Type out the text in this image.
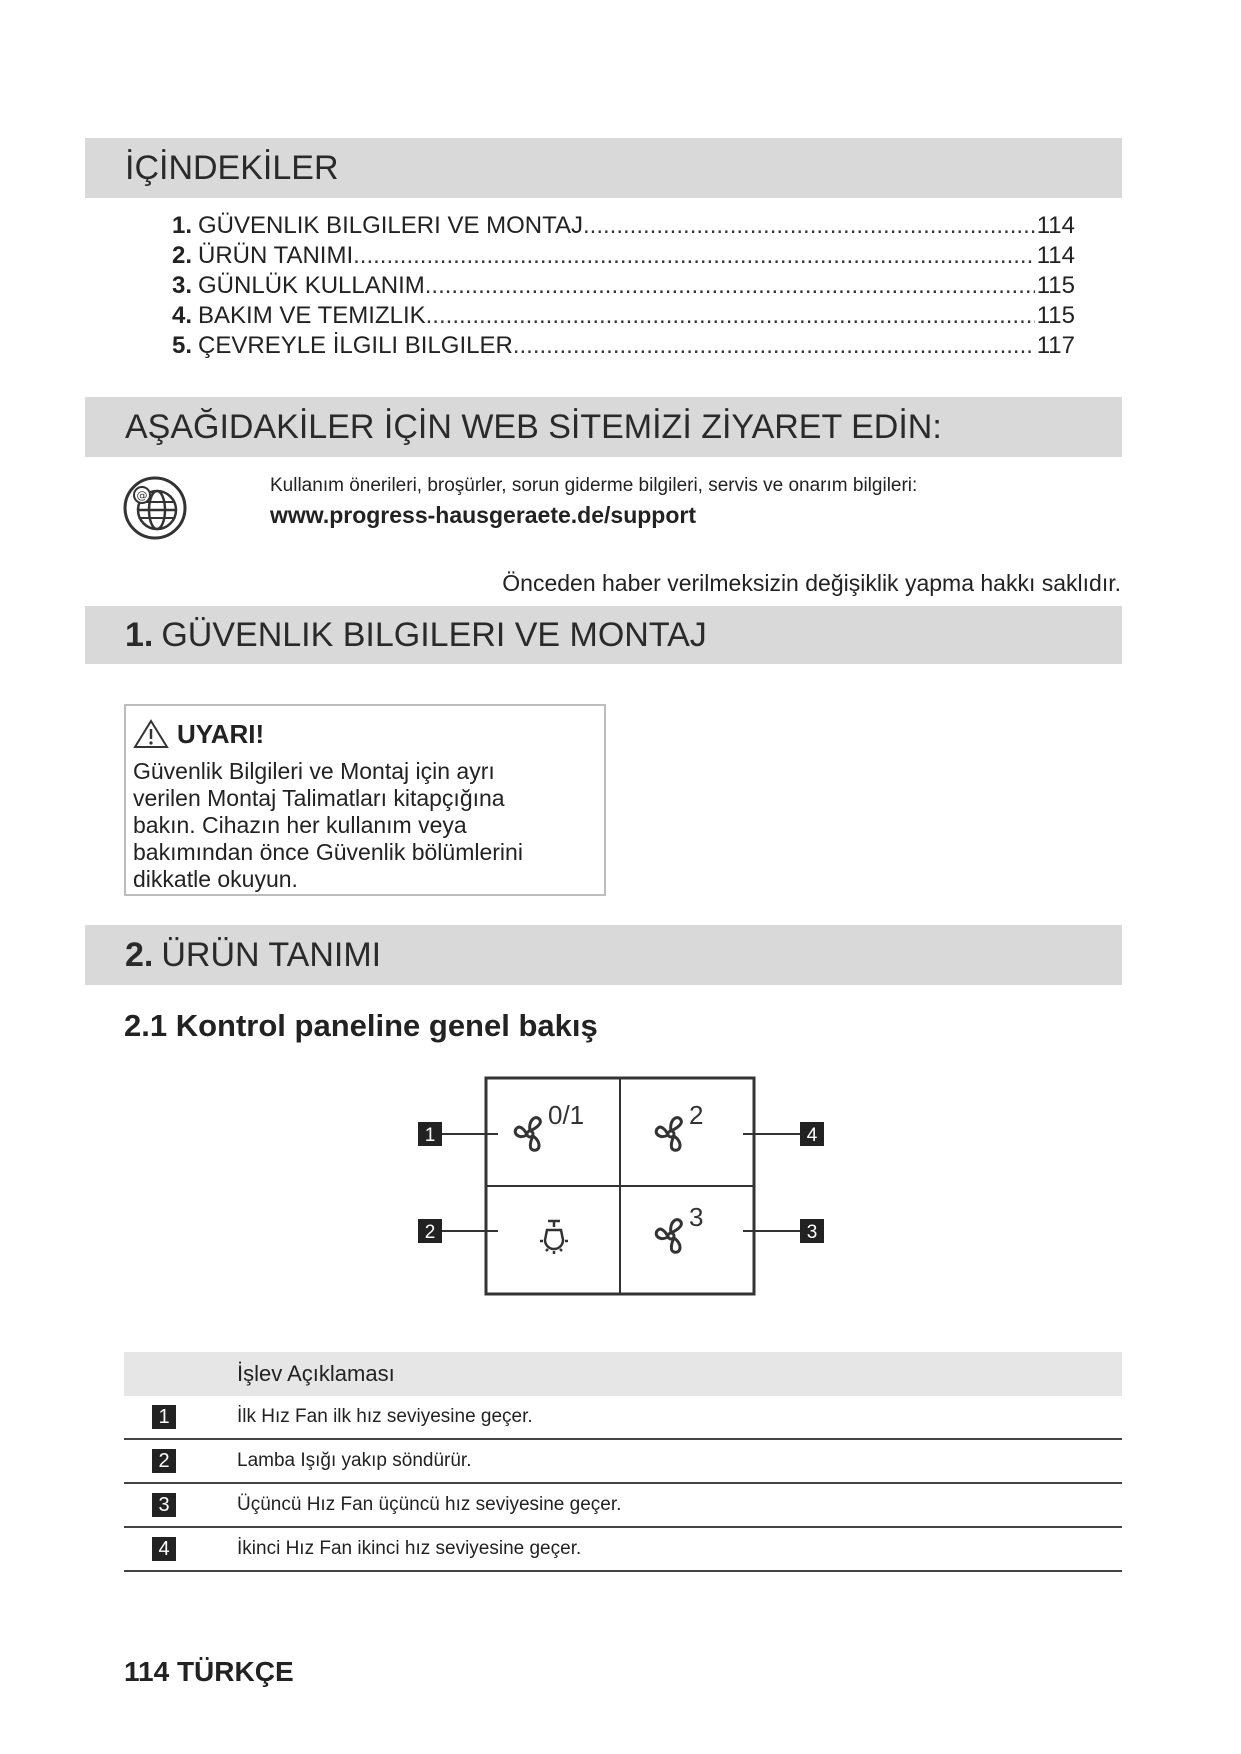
İÇİNDEKİLER
1. GÜVENLIK BILGILERI VE MONTAJ .....	114
2. ÜRÜN TANIMI .....	114
3. GÜNLÜK KULLANIM .....	115
4. BAKIM VE TEMIZLIK .....	115
5. ÇEVREYLE İLGILI BILGILER .....	117
AŞAĞIDAKİLER İÇİN WEB SİTEMİZİ ZİYARET EDİN:
@	Kullanım önerileri, broşürler, sorun giderme bilgileri, servis ve onarım bilgileri:
www.progress-hausgeraete.de/support
Önceden haber verilmeksizin değişiklik yapma hakkı saklıdır.
1. GÜVENLIK BILGILERI VE MONTAJ
UYARI!
Güvenlik Bilgileri ve Montaj için ayrı verilen Montaj Talimatları kitapçığına bakın. Cihazın her kullanım veya bakımından önce Güvenlik bölümlerini dikkatle okuyun.
2. ÜRÜN TANIMI
2.1 Kontrol paneline genel bakış
1
2	3
4
0/1	2
3
İşlev Açıklaması
1	İlk Hız Fan ilk hız seviyesine geçer.
2	Lamba Işığı yakıp söndürür.
3	Üçüncü Hız Fan üçüncü hız seviyesine geçer.
4	İkinci Hız Fan ikinci hız seviyesine geçer.
114 TÜRKÇE
